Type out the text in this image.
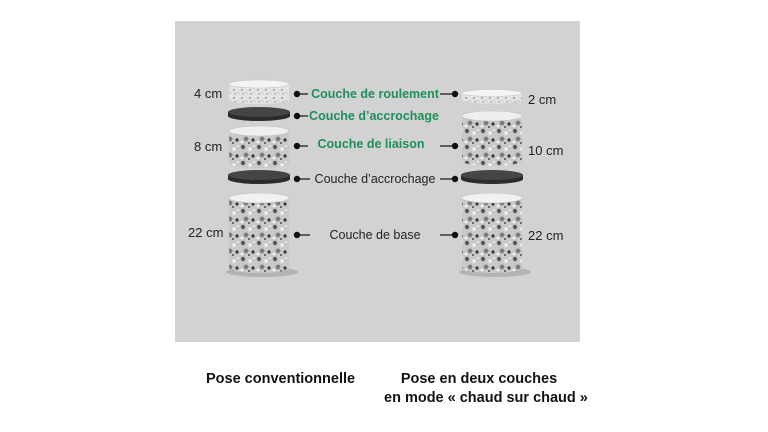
4 cm
8 cm
22 cm
2 cm
10 cm
22 cm
Couche de roulement
Couche d’accrochage
Couche de liaison
Couche d’accrochage
Couche de base
Pose conventionnelle	Pose en deux couches
en mode « chaud sur chaud »
